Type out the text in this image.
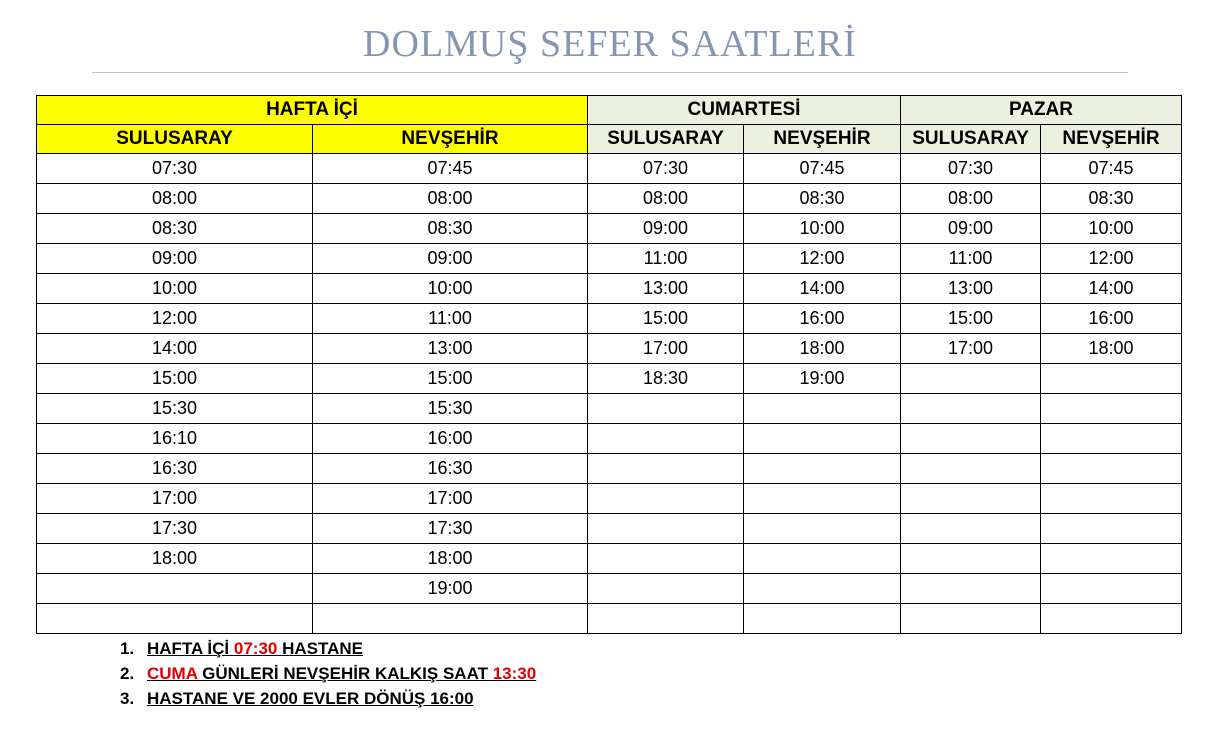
DOLMUŞ SEFER SAATLERİ
HAFTA İÇİ		CUMARTESİ		PAZAR	
SULUSARAY	NEVŞEHİR	SULUSARAY	NEVŞEHİR	SULUSARAY	NEVŞEHİR
07:30	07:45	07:30	07:45	07:30	07:45
08:00	08:00	08:00	08:30	08:00	08:30
08:30	08:30	09:00	10:00	09:00	10:00
09:00	09:00	11:00	12:00	11:00	12:00
10:00	10:00	13:00	14:00	13:00	14:00
12:00	11:00	15:00	16:00	15:00	16:00
14:00	13:00	17:00	18:00	17:00	18:00
15:00	15:00	18:30	19:00		
15:30	15:30				
16:10	16:00				
16:30	16:30				
17:00	17:00				
17:30	17:30				
18:00	18:00				
	19:00				

1. HAFTA İÇİ 07:30 HASTANE
2. CUMA GÜNLERİ NEVŞEHİR KALKIŞ SAAT 13:30
3. HASTANE VE 2000 EVLER DÖNÜŞ 16:00
